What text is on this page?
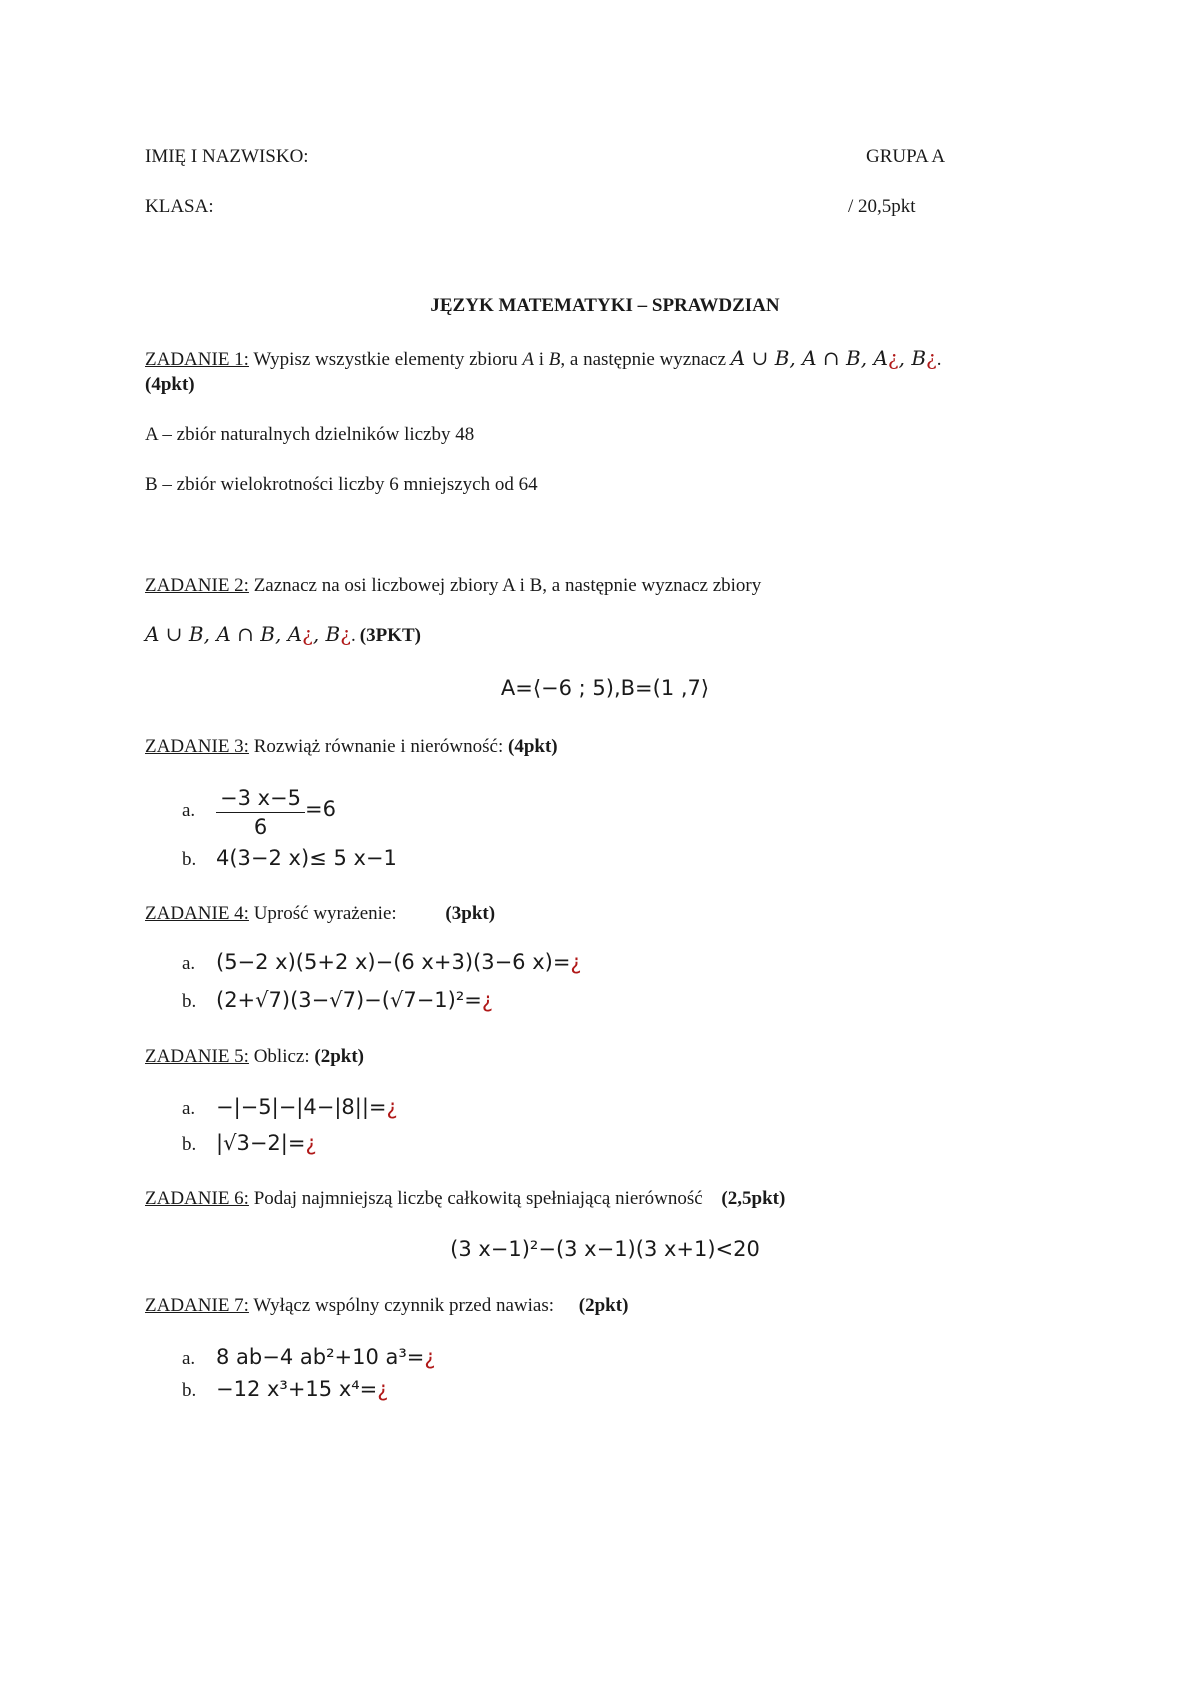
IMIĘ I NAZWISKO:	GRUPA A
KLASA:	/ 20,5pkt
JĘZYK MATEMATYKI – SPRAWDZIAN
ZADANIE 1: Wypisz wszystkie elementy zbioru A i B, a następnie wyznacz A ∪ B, A ∩ B, A¿, B¿.
(4pkt)
A – zbiór naturalnych dzielników liczby 48
B – zbiór wielokrotności liczby 6 mniejszych od 64
ZADANIE 2: Zaznacz na osi liczbowej zbiory A i B, a następnie wyznacz zbiory
A ∪ B, A ∩ B, A¿, B¿. (3PKT)
A=⟨−6 ; 5),B=(1 ,7⟩
ZADANIE 3: Rozwiąż równanie i nierówność: (4pkt)
a. $\frac{-3 x-5}{6} =6$
b. 4(3−2 x)≤ 5 x−1
ZADANIE 4: Uprość wyrażenie:	(3pkt)
a. (5−2 x)(5+2 x)−(6 x+3)(3−6 x)=¿
b. (2+√7)(3−√7)−(√7−1)²=¿
ZADANIE 5: Oblicz: (2pkt)
a. −|−5|−|4−|8||=¿
b. |√3−2|=¿
ZADANIE 6: Podaj najmniejszą liczbę całkowitą spełniającą nierówność (2,5pkt)
(3 x−1)²−(3 x−1)(3 x+1)<20
ZADANIE 7: Wyłącz wspólny czynnik przed nawias: (2pkt)
a. 8 ab−4 ab²+10 a³=¿
b. −12 x³+15 x⁴=¿
